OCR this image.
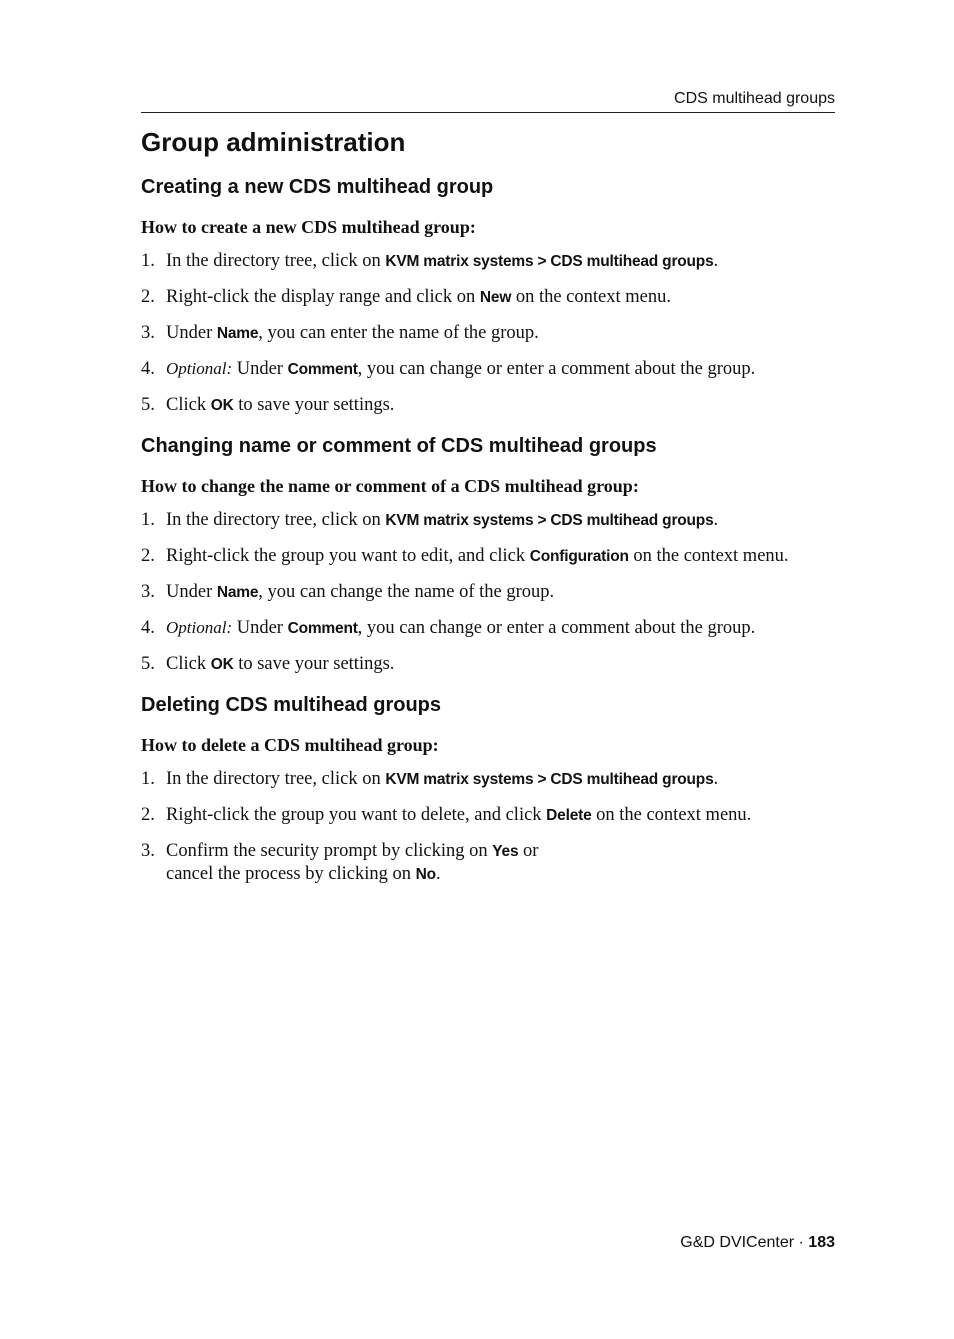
CDS multihead groups
Group administration
Creating a new CDS multihead group

How to create a new CDS multihead group:

1. In the directory tree, click on KVM matrix systems > CDS multihead groups.
2. Right-click the display range and click on New on the context menu.
3. Under Name, you can enter the name of the group.
4. Optional: Under Comment, you can change or enter a comment about the group.
5. Click OK to save your settings.
Changing name or comment of CDS multihead groups

How to change the name or comment of a CDS multihead group:

1. In the directory tree, click on KVM matrix systems > CDS multihead groups.
2. Right-click the group you want to edit, and click Configuration on the context menu.
3. Under Name, you can change the name of the group.
4. Optional: Under Comment, you can change or enter a comment about the group.
5. Click OK to save your settings.
Deleting CDS multihead groups

How to delete a CDS multihead group:

1. In the directory tree, click on KVM matrix systems > CDS multihead groups.
2. Right-click the group you want to delete, and click Delete on the context menu.
3. Confirm the security prompt by clicking on Yes or
cancel the process by clicking on No.
G&D DVICenter · 183
